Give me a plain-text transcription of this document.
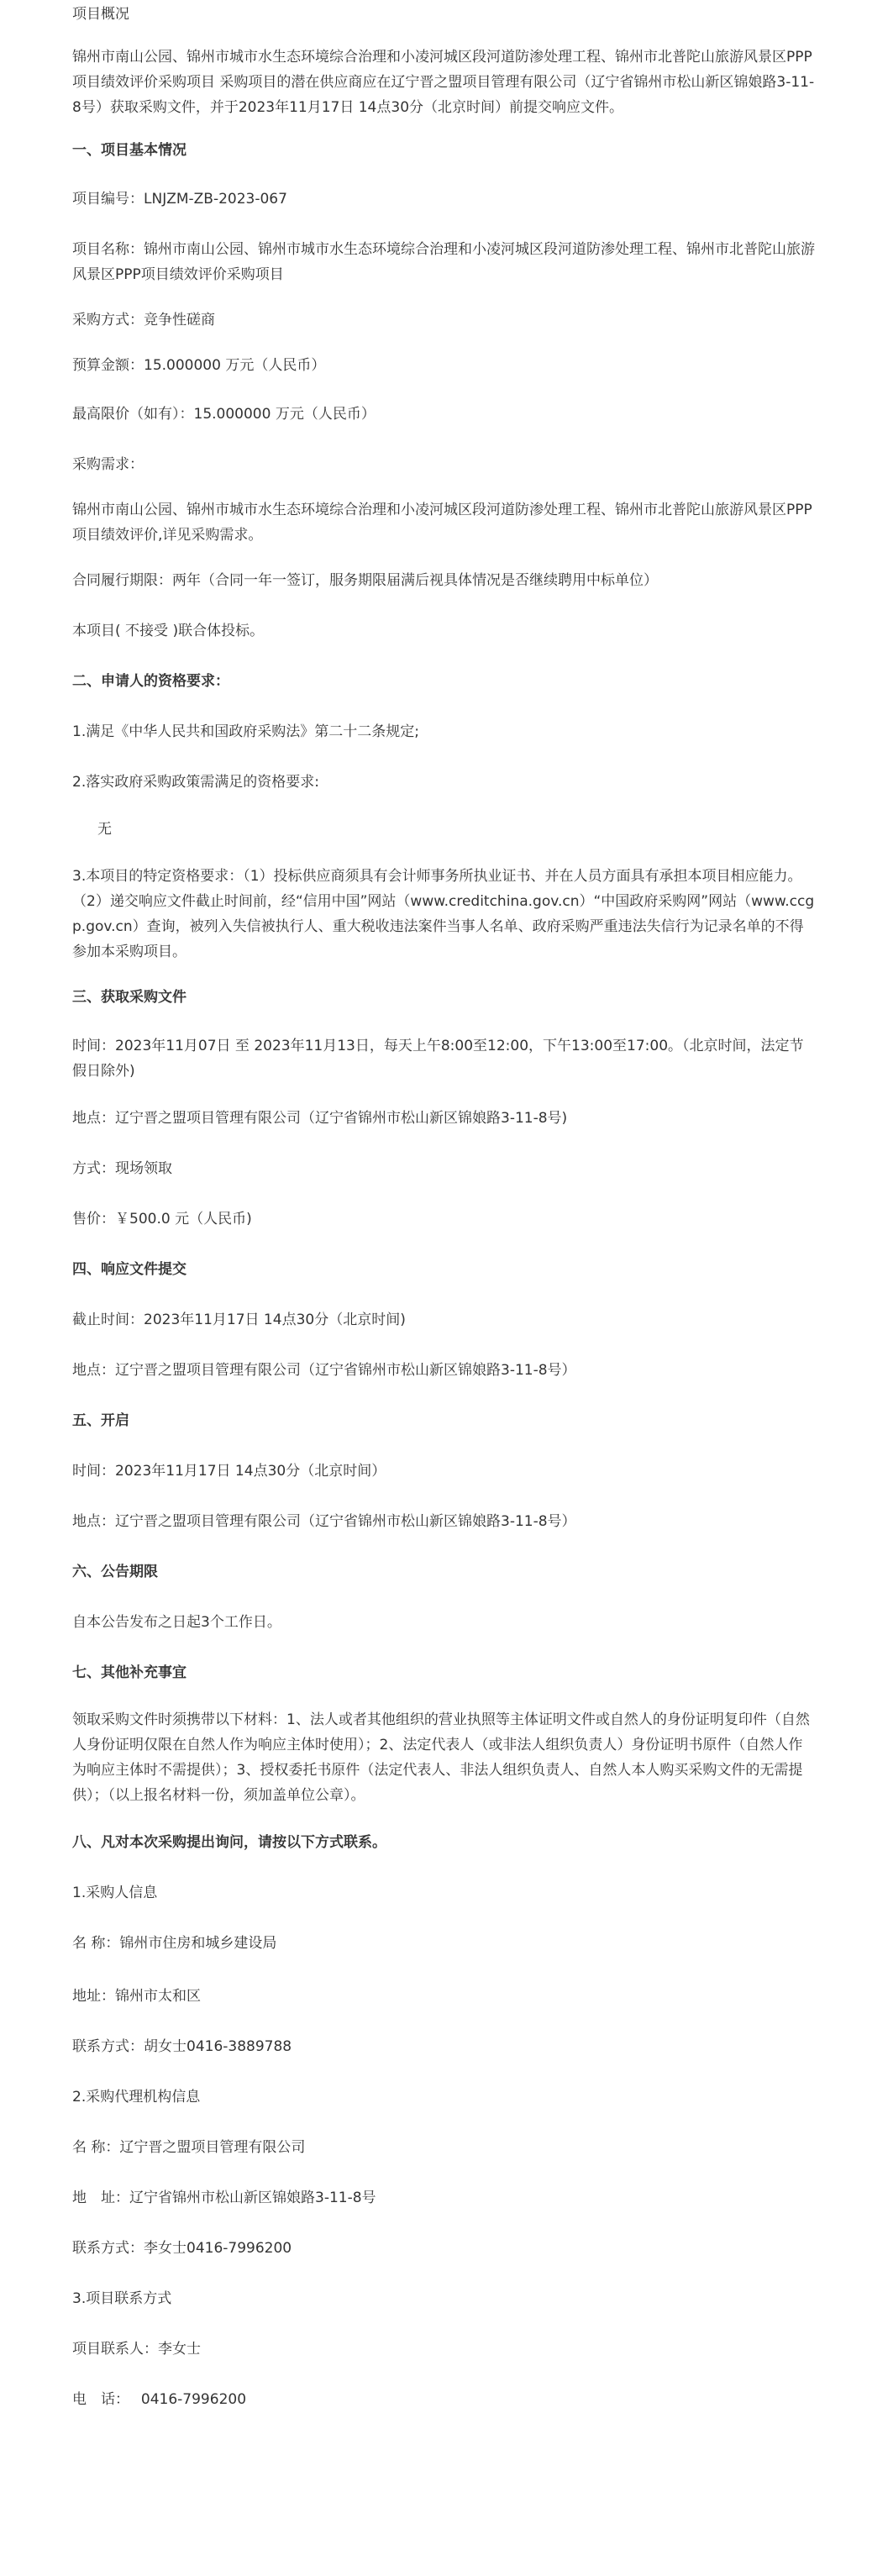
项目概况

锦州市南山公园、锦州市城市水生态环境综合治理和小凌河城区段河道防渗处理工程、锦州市北普陀山旅游风景区PPP项目绩效评价采购项目 采购项目的潜在供应商应在辽宁晋之盟项目管理有限公司（辽宁省锦州市松山新区锦娘路3-11-8号）获取采购文件，并于2023年11月17日 14点30分（北京时间）前提交响应文件。

一、项目基本情况

项目编号：LNJZM-ZB-2023-067

项目名称：锦州市南山公园、锦州市城市水生态环境综合治理和小凌河城区段河道防渗处理工程、锦州市北普陀山旅游风景区PPP项目绩效评价采购项目

采购方式：竞争性磋商

预算金额：15.000000 万元（人民币）

最高限价（如有）：15.000000 万元（人民币）

采购需求：

锦州市南山公园、锦州市城市水生态环境综合治理和小凌河城区段河道防渗处理工程、锦州市北普陀山旅游风景区PPP项目绩效评价,详见采购需求。

合同履行期限：两年（合同一年一签订，服务期限届满后视具体情况是否继续聘用中标单位）

本项目( 不接受 )联合体投标。

二、申请人的资格要求：

1.满足《中华人民共和国政府采购法》第二十二条规定;

2.落实政府采购政策需满足的资格要求:

无

3.本项目的特定资格要求：（1）投标供应商须具有会计师事务所执业证书、并在人员方面具有承担本项目相应能力。（2）递交响应文件截止时间前，经“信用中国”网站（www.creditchina.gov.cn）“中国政府采购网”网站（www.ccgp.gov.cn）查询，被列入失信被执行人、重大税收违法案件当事人名单、政府采购严重违法失信行为记录名单的不得参加本采购项目。

三、获取采购文件

时间：2023年11月07日 至 2023年11月13日，每天上午8:00至12:00，下午13:00至17:00。（北京时间，法定节假日除外)

地点：辽宁晋之盟项目管理有限公司（辽宁省锦州市松山新区锦娘路3-11-8号)

方式：现场领取

售价：￥500.0 元（人民币)

四、响应文件提交

截止时间：2023年11月17日 14点30分（北京时间)

地点：辽宁晋之盟项目管理有限公司（辽宁省锦州市松山新区锦娘路3-11-8号）

五、开启

时间：2023年11月17日 14点30分（北京时间）

地点：辽宁晋之盟项目管理有限公司（辽宁省锦州市松山新区锦娘路3-11-8号）

六、公告期限

自本公告发布之日起3个工作日。

七、其他补充事宜

领取采购文件时须携带以下材料：1、法人或者其他组织的营业执照等主体证明文件或自然人的身份证明复印件（自然人身份证明仅限在自然人作为响应主体时使用）；2、法定代表人（或非法人组织负责人）身份证明书原件（自然人作为响应主体时不需提供）；3、授权委托书原件（法定代表人、非法人组织负责人、自然人本人购买采购文件的无需提供）；（以上报名材料一份，须加盖单位公章）。

八、凡对本次采购提出询问，请按以下方式联系。

1.采购人信息

名 称：锦州市住房和城乡建设局

地址：锦州市太和区

联系方式：胡女士0416-3889788

2.采购代理机构信息

名 称：辽宁晋之盟项目管理有限公司

地　址：辽宁省锦州市松山新区锦娘路3-11-8号

联系方式：李女士0416-7996200

3.项目联系方式

项目联系人：李女士

电　话：　 0416-7996200
